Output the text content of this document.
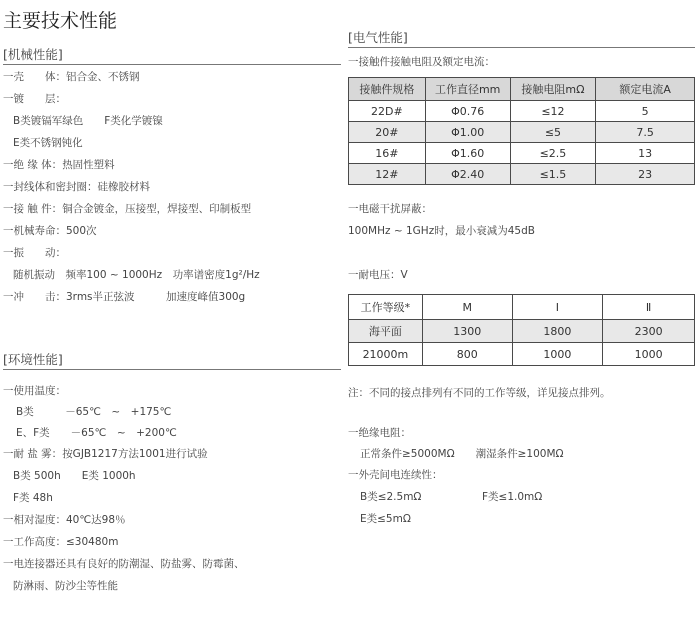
主要技术性能
[机械性能]
一壳　　体：铝合金、不锈钢
一镀　　层：
B类镀镉军绿色　　F类化学镀镍
E类不锈钢钝化
一绝 缘 体：热固性塑料
一封线体和密封圈：硅橡胶材料
一接 触 件：铜合金镀金，压接型，焊接型、印制板型
一机械寿命：500次
一振　　动：
随机振动　频率100 ~ 1000Hz　功率谱密度1g²/Hz
一冲　　击：3rms半正弦波　　　加速度峰值300g
[环境性能]
一使用温度：
B类　　　－65℃　~　+175℃
E、F类　　－65℃　~　+200℃
一耐 盐 雾：按GJB1217方法1001进行试验
B类 500h　　E类 1000h
F类 48h
一相对湿度：40℃达98％
一工作高度：≤30480m
一电连接器还具有良好的防潮湿、防盐雾、防霉菌、
防淋雨、防沙尘等性能
[电气性能]
一接触件接触电阻及额定电流：
接触件规格	工作直径mm	接触电阻mΩ	额定电流A
22D#	Φ0.76	≤12	5
20#	Φ1.00	≤5	7.5
16#	Φ1.60	≤2.5	13
12#	Φ2.40	≤1.5	23
一电磁干扰屏蔽：
100MHz ~ 1GHz时，最小衰减为45dB
一耐电压：V
工作等级*	M	I	Ⅱ
海平面	1300	1800	2300
21000m	800	1000	1000
注：不同的接点排列有不同的工作等级，详见接点排列。
一绝缘电阻：
正常条件≥5000MΩ　　潮湿条件≥100MΩ
一外壳间电连续性：
B类≤2.5mΩ	F类≤1.0mΩ
E类≤5mΩ
